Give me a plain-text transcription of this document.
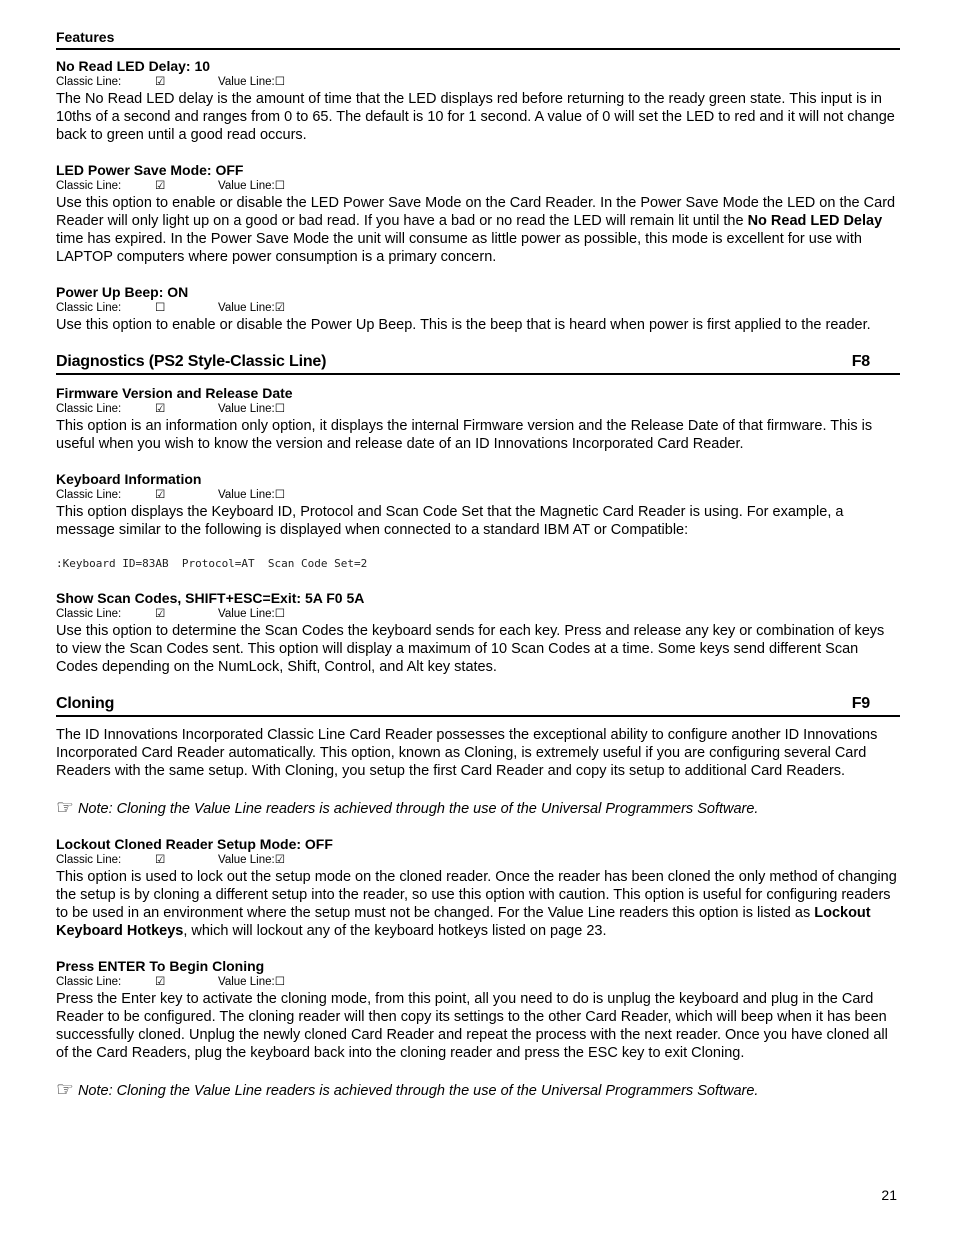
Features
No Read LED Delay: 10
Classic Line:	☑	Value Line:☐

The No Read LED delay is the amount of time that the LED displays red before returning to the ready green state. This input is in 10ths of a second and ranges from 0 to 65. The default is 10 for 1 second. A value of 0 will set the LED to red and it will not change back to green until a good read occurs.

LED Power Save Mode: OFF
Classic Line:	☑	Value Line:☐

Use this option to enable or disable the LED Power Save Mode on the Card Reader. In the Power Save Mode the LED on the Card Reader will only light up on a good or bad read. If you have a bad or no read the LED will remain lit until the No Read LED Delay time has expired. In the Power Save Mode the unit will consume as little power as possible, this mode is excellent for use with LAPTOP computers where power consumption is a primary concern.

Power Up Beep: ON
Classic Line:	☐	Value Line:☑

Use this option to enable or disable the Power Up Beep. This is the beep that is heard when power is first applied to the reader.

Diagnostics (PS2 Style-Classic Line)	F8
Firmware Version and Release Date
Classic Line:	☑	Value Line:☐

This option is an information only option, it displays the internal Firmware version and the Release Date of that firmware. This is useful when you wish to know the version and release date of an ID Innovations Incorporated Card Reader.

Keyboard Information
Classic Line:	☑	Value Line:☐

This option displays the Keyboard ID, Protocol and Scan Code Set that the Magnetic Card Reader is using. For example, a message similar to the following is displayed when connected to a standard IBM AT or Compatible:

:Keyboard ID=83AB  Protocol=AT  Scan Code Set=2

Show Scan Codes, SHIFT+ESC=Exit: 5A F0 5A
Classic Line:	☑	Value Line:☐

Use this option to determine the Scan Codes the keyboard sends for each key. Press and release any key or combination of keys to view the Scan Codes sent. This option will display a maximum of 10 Scan Codes at a time. Some keys send different Scan Codes depending on the NumLock, Shift, Control, and Alt key states.

Cloning	F9

The ID Innovations Incorporated Classic Line Card Reader possesses the exceptional ability to configure another ID Innovations Incorporated Card Reader automatically. This option, known as Cloning, is extremely useful if you are configuring several Card Readers with the same setup. With Cloning, you setup the first Card Reader and copy its setup to additional Card Readers.

☞ Note: Cloning the Value Line readers is achieved through the use of the Universal Programmers Software.
Lockout Cloned Reader Setup Mode: OFF
Classic Line:	☑	Value Line:☑

This option is used to lock out the setup mode on the cloned reader. Once the reader has been cloned the only method of changing the setup is by cloning a different setup into the reader, so use this option with caution. This option is useful for configuring readers to be used in an environment where the setup must not be changed. For the Value Line readers this option is listed as Lockout Keyboard Hotkeys, which will lockout any of the keyboard hotkeys listed on page 23.

Press ENTER To Begin Cloning
Classic Line:	☑	Value Line:☐

Press the Enter key to activate the cloning mode, from this point, all you need to do is unplug the keyboard and plug in the Card Reader to be configured. The cloning reader will then copy its settings to the other Card Reader, which will beep when it has been successfully cloned. Unplug the newly cloned Card Reader and repeat the process with the next reader. Once you have cloned all of the Card Readers, plug the keyboard back into the cloning reader and press the ESC key to exit Cloning.

☞ Note: Cloning the Value Line readers is achieved through the use of the Universal Programmers Software.
21
